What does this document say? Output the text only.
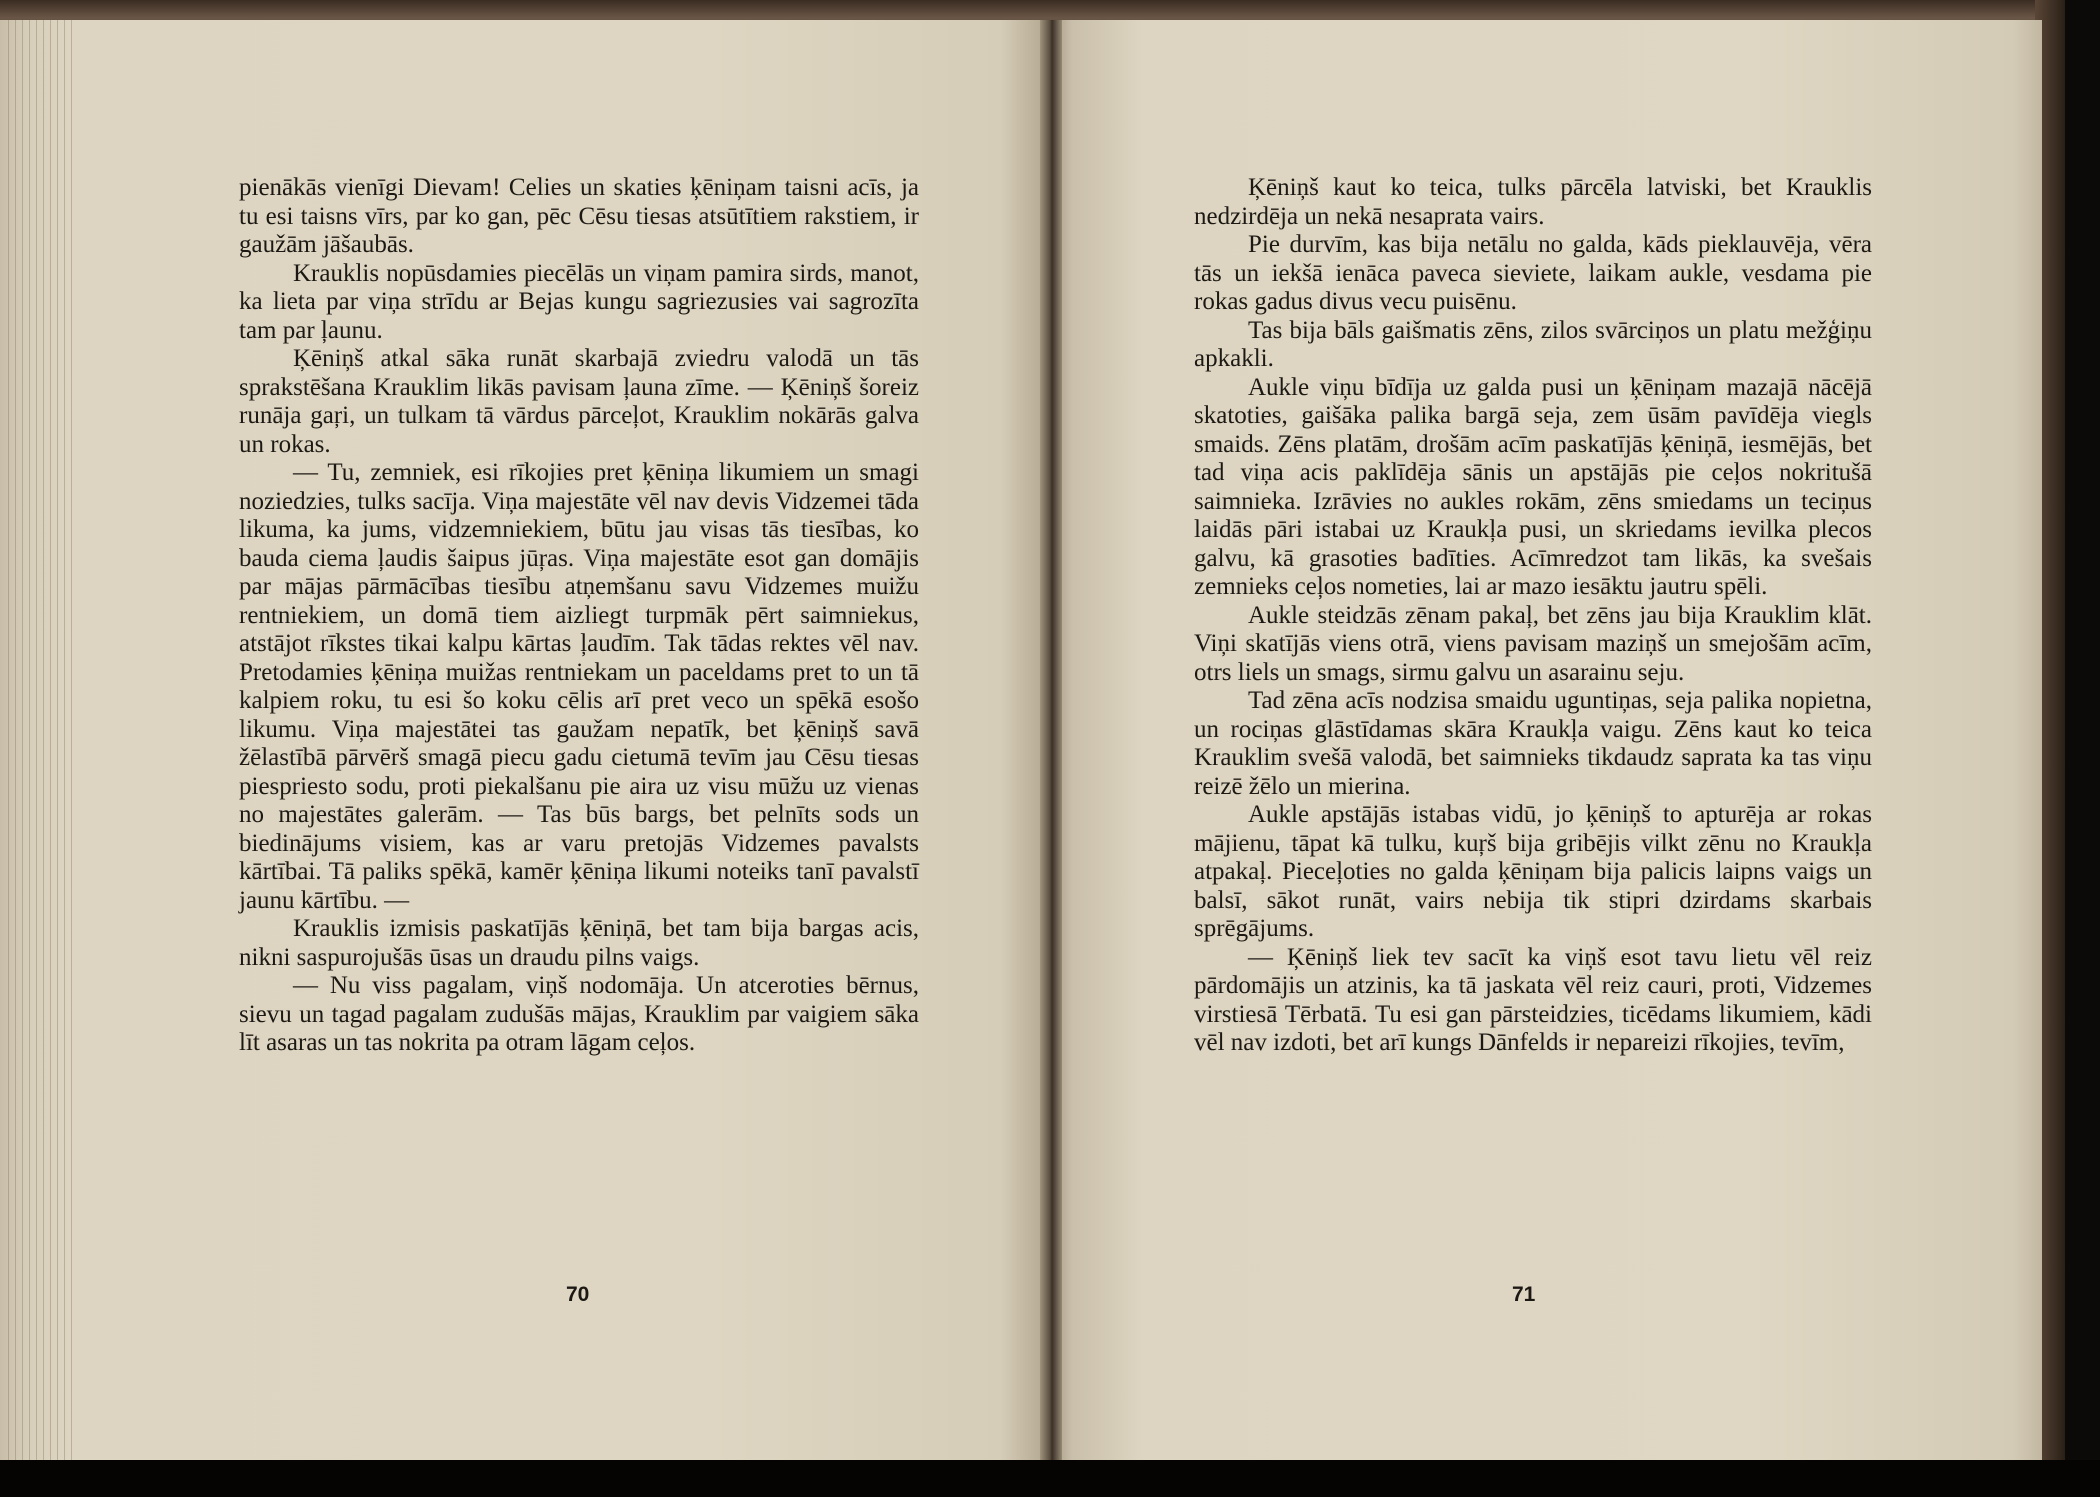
pienākās vienīgi Dievam! Celies un skaties ķēniņam taisni acīs, ja tu esi taisns vīrs, par ko gan, pēc Cēsu tiesas atsūtītiem rakstiem, ir gaužām jāšaubās.

Krauklis nopūsdamies piecēlās un viņam pamira sirds, manot, ka lieta par viņa strīdu ar Bejas kungu sagriezusies vai sagrozīta tam par ļaunu.

Ķēniņš atkal sāka runāt skarbajā zviedru valodā un tās sprakstēšana Krauklim likās pavisam ļauna zīme. — Ķēniņš šoreiz runāja gaŗi, un tulkam tā vārdus pārceļot, Krauklim nokārās galva un rokas.

— Tu, zemniek, esi rīkojies pret ķēniņa likumiem un smagi noziedzies, tulks sacīja. Viņa majestāte vēl nav devis Vidzemei tāda likuma, ka jums, vidzemniekiem, būtu jau visas tās tiesības, ko bauda ciema ļaudis šaipus jūŗas. Viņa majestāte esot gan domājis par mājas pārmācības tiesību atņemšanu savu Vidzemes muižu rentniekiem, un domā tiem aizliegt turpmāk pērt saimniekus, atstājot rīkstes tikai kalpu kārtas ļaudīm. Tak tādas rektes vēl nav. Pretodamies ķēniņa muižas rentniekam un paceldams pret to un tā kalpiem roku, tu esi šo koku cēlis arī pret veco un spēkā esošo likumu. Viņa majestātei tas gaužam nepatīk, bet ķēniņš savā žēlastībā pārvērš smagā piecu gadu cietumā tevīm jau Cēsu tiesas piespriesto sodu, proti piekalšanu pie aira uz visu mūžu uz vienas no majestātes galerām. — Tas būs bargs, bet pelnīts sods un biedinājums visiem, kas ar varu pretojās Vidzemes pavalsts kārtībai. Tā paliks spēkā, kamēr ķēniņa likumi noteiks tanī pavalstī jaunu kārtību. —

Krauklis izmisis paskatījās ķēniņā, bet tam bija bargas acis, nikni saspurojušās ūsas un draudu pilns vaigs.

— Nu viss pagalam, viņš nodomāja. Un atceroties bērnus, sievu un tagad pagalam zudušās mājas, Krauklim par vaigiem sāka līt asaras un tas nokrita pa otram lāgam ceļos.

70

Ķēniņš kaut ko teica, tulks pārcēla latviski, bet Krauklis nedzirdēja un nekā nesaprata vairs.

Pie durvīm, kas bija netālu no galda, kāds pieklauvēja, vēra tās un iekšā ienāca paveca sieviete, laikam aukle, vesdama pie rokas gadus divus vecu puisēnu.

Tas bija bāls gaišmatis zēns, zilos svārciņos un platu mežģiņu apkakli.

Aukle viņu bīdīja uz galda pusi un ķēniņam mazajā nācējā skatoties, gaišāka palika bargā seja, zem ūsām pavīdēja viegls smaids. Zēns platām, drošām acīm paskatījās ķēniņā, iesmējās, bet tad viņa acis paklīdēja sānis un apstājās pie ceļos nokritušā saimnieka. Izrāvies no aukles rokām, zēns smiedams un teciņus laidās pāri istabai uz Kraukļa pusi, un skriedams ievilka plecos galvu, kā grasoties badīties. Acīmredzot tam likās, ka svešais zemnieks ceļos nometies, lai ar mazo iesāktu jautru spēli.

Aukle steidzās zēnam pakaļ, bet zēns jau bija Krauklim klāt. Viņi skatījās viens otrā, viens pavisam maziņš un smejošām acīm, otrs liels un smags, sirmu galvu un asarainu seju.

Tad zēna acīs nodzisa smaidu uguntiņas, seja palika nopietna, un rociņas glāstīdamas skāra Kraukļa vaigu. Zēns kaut ko teica Krauklim svešā valodā, bet saimnieks tikdaudz saprata ka tas viņu reizē žēlo un mierina.

Aukle apstājās istabas vidū, jo ķēniņš to apturēja ar rokas mājienu, tāpat kā tulku, kuŗš bija gribējis vilkt zēnu no Kraukļa atpakaļ. Pieceļoties no galda ķēniņam bija palicis laipns vaigs un balsī, sākot runāt, vairs nebija tik stipri dzirdams skarbais sprēgājums.

— Ķēniņš liek tev sacīt ka viņš esot tavu lietu vēl reiz pārdomājis un atzinis, ka tā jaskata vēl reiz cauri, proti, Vidzemes virstiesā Tērbatā. Tu esi gan pārsteidzies, ticēdams likumiem, kādi vēl nav izdoti, bet arī kungs Dānfelds ir nepareizi rīkojies, tevīm,

71
